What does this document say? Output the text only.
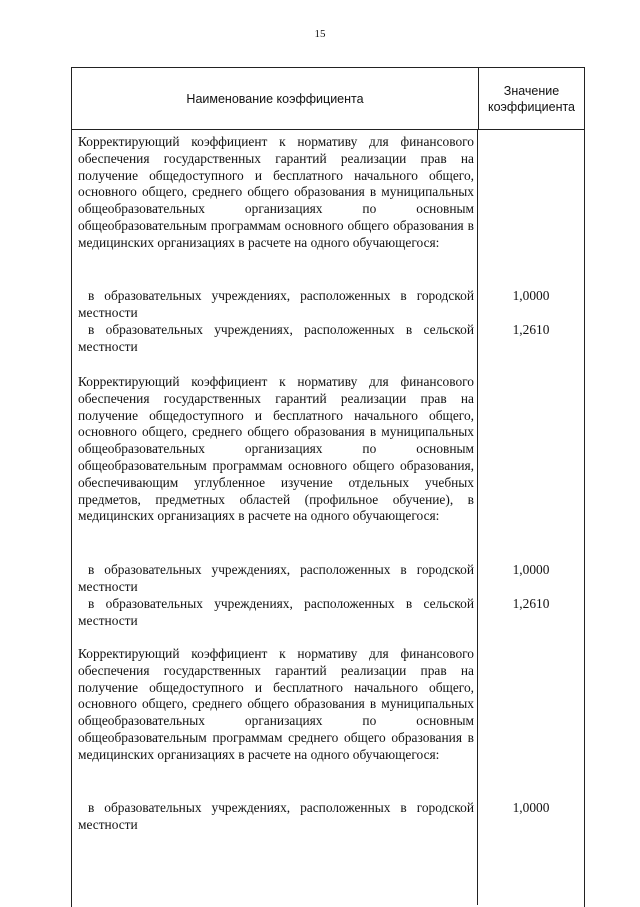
15
Наименование коэффициента
Значение коэффициента
Корректирующий коэффициент к нормативу для финансового обеспечения государственных гарантий реализации прав на получение общедоступного и бесплатного начального общего, основного общего, среднего общего образования в муниципальных общеобразовательных организациях по основным общеобразовательным программам основного общего образования в медицинских организациях в расчете на одного обучающегося:
в образовательных учреждениях, расположенных в городской местности
1,0000
в образовательных учреждениях, расположенных в сельской местности
1,2610
Корректирующий коэффициент к нормативу для финансового обеспечения государственных гарантий реализации прав на получение общедоступного и бесплатного начального общего, основного общего, среднего общего образования в муниципальных общеобразовательных организациях по основным общеобразовательным программам основного общего образования, обеспечивающим углубленное изучение отдельных учебных предметов, предметных областей (профильное обучение), в медицинских организациях в расчете на одного обучающегося:
в образовательных учреждениях, расположенных в городской местности
1,0000
в образовательных учреждениях, расположенных в сельской местности
1,2610
Корректирующий коэффициент к нормативу для финансового обеспечения государственных гарантий реализации прав на получение общедоступного и бесплатного начального общего, основного общего, среднего общего образования в муниципальных общеобразовательных организациях по основным общеобразовательным программам среднего общего образования в медицинских организациях в расчете на одного обучающегося:
в образовательных учреждениях, расположенных в городской местности
1,0000
